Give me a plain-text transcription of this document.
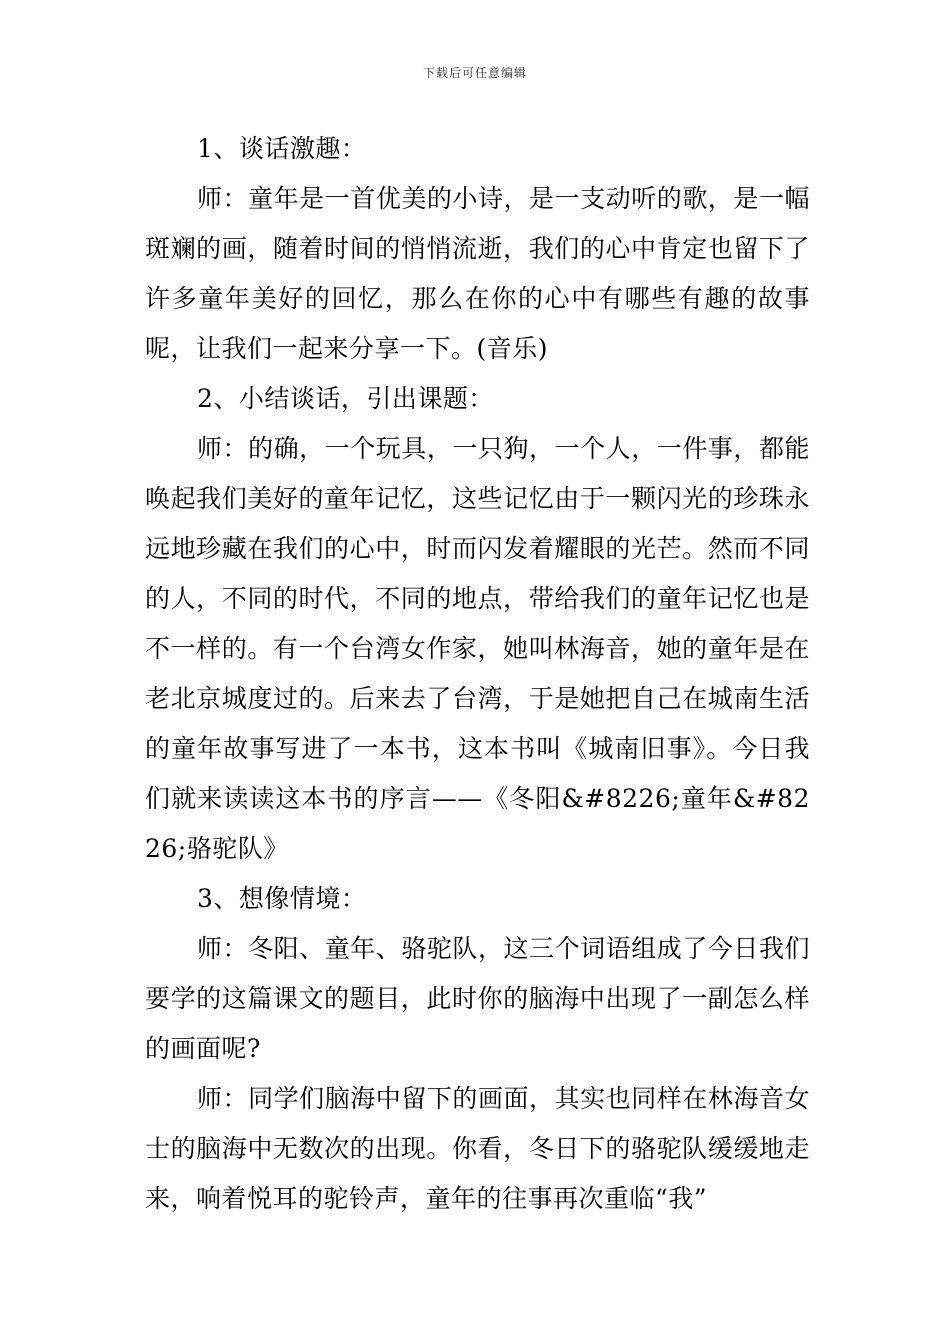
下载后可任意编辑

1、谈话激趣：

师：童年是一首优美的小诗，是一支动听的歌，是一幅斑斓的画，随着时间的悄悄流逝，我们的心中肯定也留下了许多童年美好的回忆，那么在你的心中有哪些有趣的故事呢，让我们一起来分享一下。(音乐)

2、小结谈话，引出课题：

师：的确，一个玩具，一只狗，一个人，一件事，都能唤起我们美好的童年记忆，这些记忆由于一颗闪光的珍珠永远地珍藏在我们的心中，时而闪发着耀眼的光芒。然而不同的人，不同的时代，不同的地点，带给我们的童年记忆也是不一样的。有一个台湾女作家，她叫林海音，她的童年是在老北京城度过的。后来去了台湾，于是她把自己在城南生活的童年故事写进了一本书，这本书叫《城南旧事》。今日我们就来读读这本书的序言——《冬阳&#8226;童年&#8226;骆驼队》

3、想像情境：

师：冬阳、童年、骆驼队，这三个词语组成了今日我们要学的这篇课文的题目，此时你的脑海中出现了一副怎么样的画面呢?

师：同学们脑海中留下的画面，其实也同样在林海音女士的脑海中无数次的出现。你看，冬日下的骆驼队缓缓地走来，响着悦耳的驼铃声，童年的往事再次重临“我”
